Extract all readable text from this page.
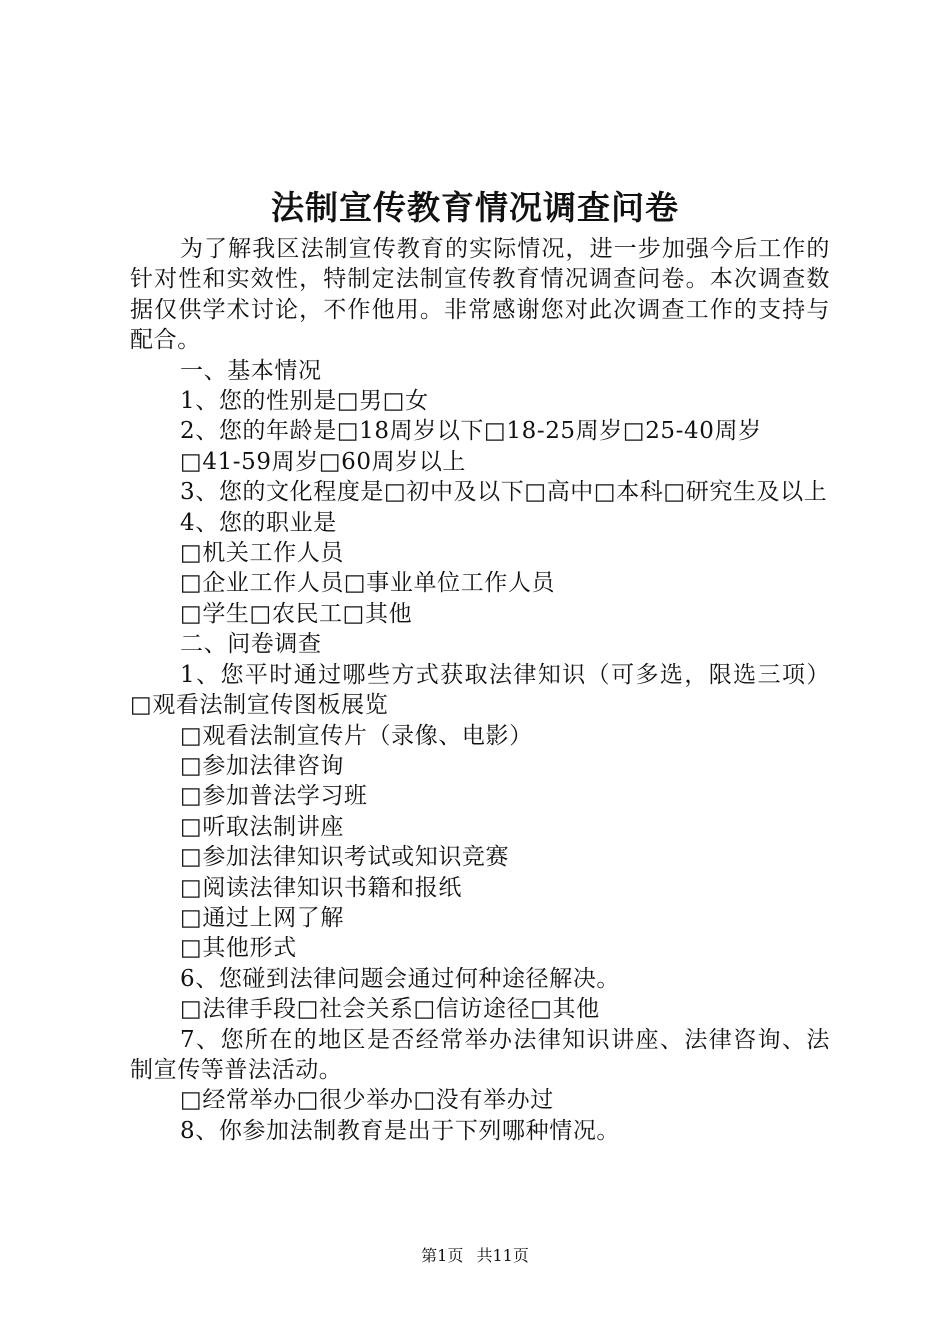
法制宣传教育情况调查问卷

为了解我区法制宣传教育的实际情况，进一步加强今后工作的针对性和实效性，特制定法制宣传教育情况调查问卷。本次调查数据仅供学术讨论，不作他用。非常感谢您对此次调查工作的支持与配合。

一、基本情况

1、您的性别是□男□女

2、您的年龄是□18周岁以下□18-25周岁□25-40周岁

□41-59周岁□60周岁以上

3、您的文化程度是□初中及以下□高中□本科□研究生及以上

4、您的职业是

□机关工作人员

□企业工作人员□事业单位工作人员

□学生□农民工□其他

二、问卷调查

1、您平时通过哪些方式获取法律知识（可多选，限选三项）□观看法制宣传图板展览

□观看法制宣传片（录像、电影）

□参加法律咨询

□参加普法学习班

□听取法制讲座

□参加法律知识考试或知识竞赛

□阅读法律知识书籍和报纸

□通过上网了解

□其他形式

6、您碰到法律问题会通过何种途径解决。

□法律手段□社会关系□信访途径□其他

7、您所在的地区是否经常举办法律知识讲座、法律咨询、法制宣传等普法活动。

□经常举办□很少举办□没有举办过

8、你参加法制教育是出于下列哪种情况。

第1页 共11页
